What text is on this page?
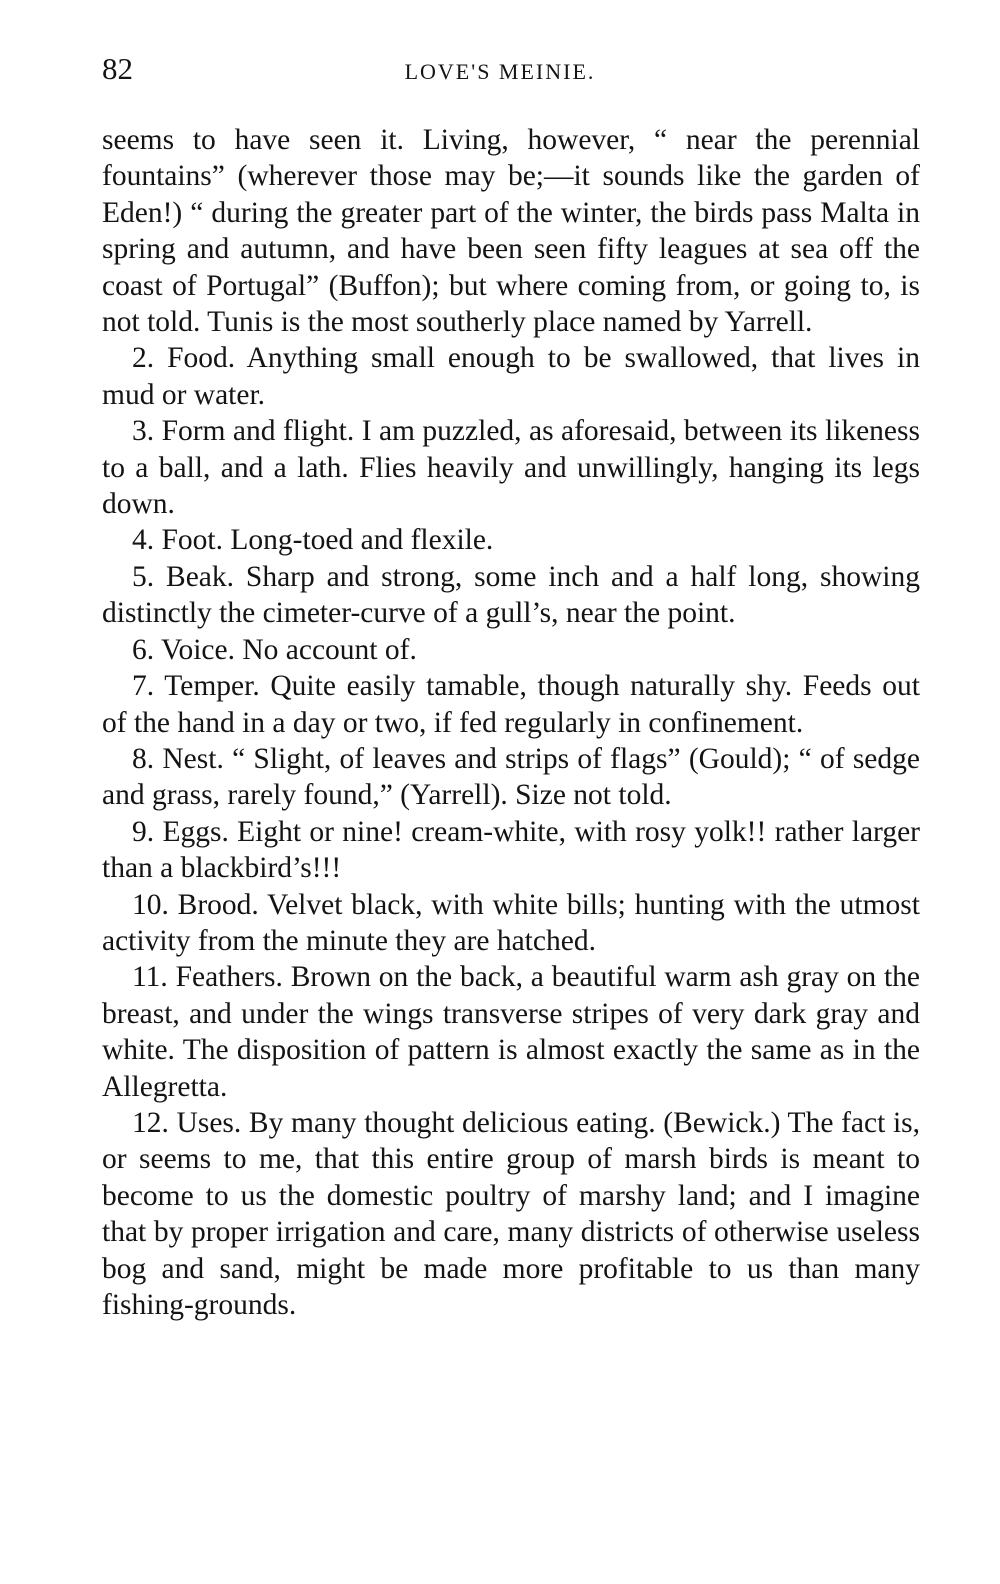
82	LOVE'S MEINIE.

seems to have seen it. Living, however, “ near the perennial fountains” (wherever those may be;—it sounds like the garden of Eden!) “ during the greater part of the winter, the birds pass Malta in spring and autumn, and have been seen fifty leagues at sea off the coast of Portugal” (Buffon); but where coming from, or going to, is not told. Tunis is the most southerly place named by Yarrell.

2. Food. Anything small enough to be swallowed, that lives in mud or water.

3. Form and flight. I am puzzled, as aforesaid, between its likeness to a ball, and a lath. Flies heavily and unwillingly, hanging its legs down.

4. Foot. Long-toed and flexile.

5. Beak. Sharp and strong, some inch and a half long, showing distinctly the cimeter-curve of a gull’s, near the point.

6. Voice. No account of.

7. Temper. Quite easily tamable, though naturally shy. Feeds out of the hand in a day or two, if fed regularly in confinement.

8. Nest. “ Slight, of leaves and strips of flags” (Gould); “ of sedge and grass, rarely found,” (Yarrell). Size not told.

9. Eggs. Eight or nine! cream-white, with rosy yolk!! rather larger than a blackbird’s!!!

10. Brood. Velvet black, with white bills; hunting with the utmost activity from the minute they are hatched.

11. Feathers. Brown on the back, a beautiful warm ash gray on the breast, and under the wings transverse stripes of very dark gray and white. The disposition of pattern is almost exactly the same as in the Allegretta.

12. Uses. By many thought delicious eating. (Bewick.) The fact is, or seems to me, that this entire group of marsh birds is meant to become to us the domestic poultry of marshy land; and I imagine that by proper irrigation and care, many districts of otherwise useless bog and sand, might be made more profitable to us than many fishing-grounds.
